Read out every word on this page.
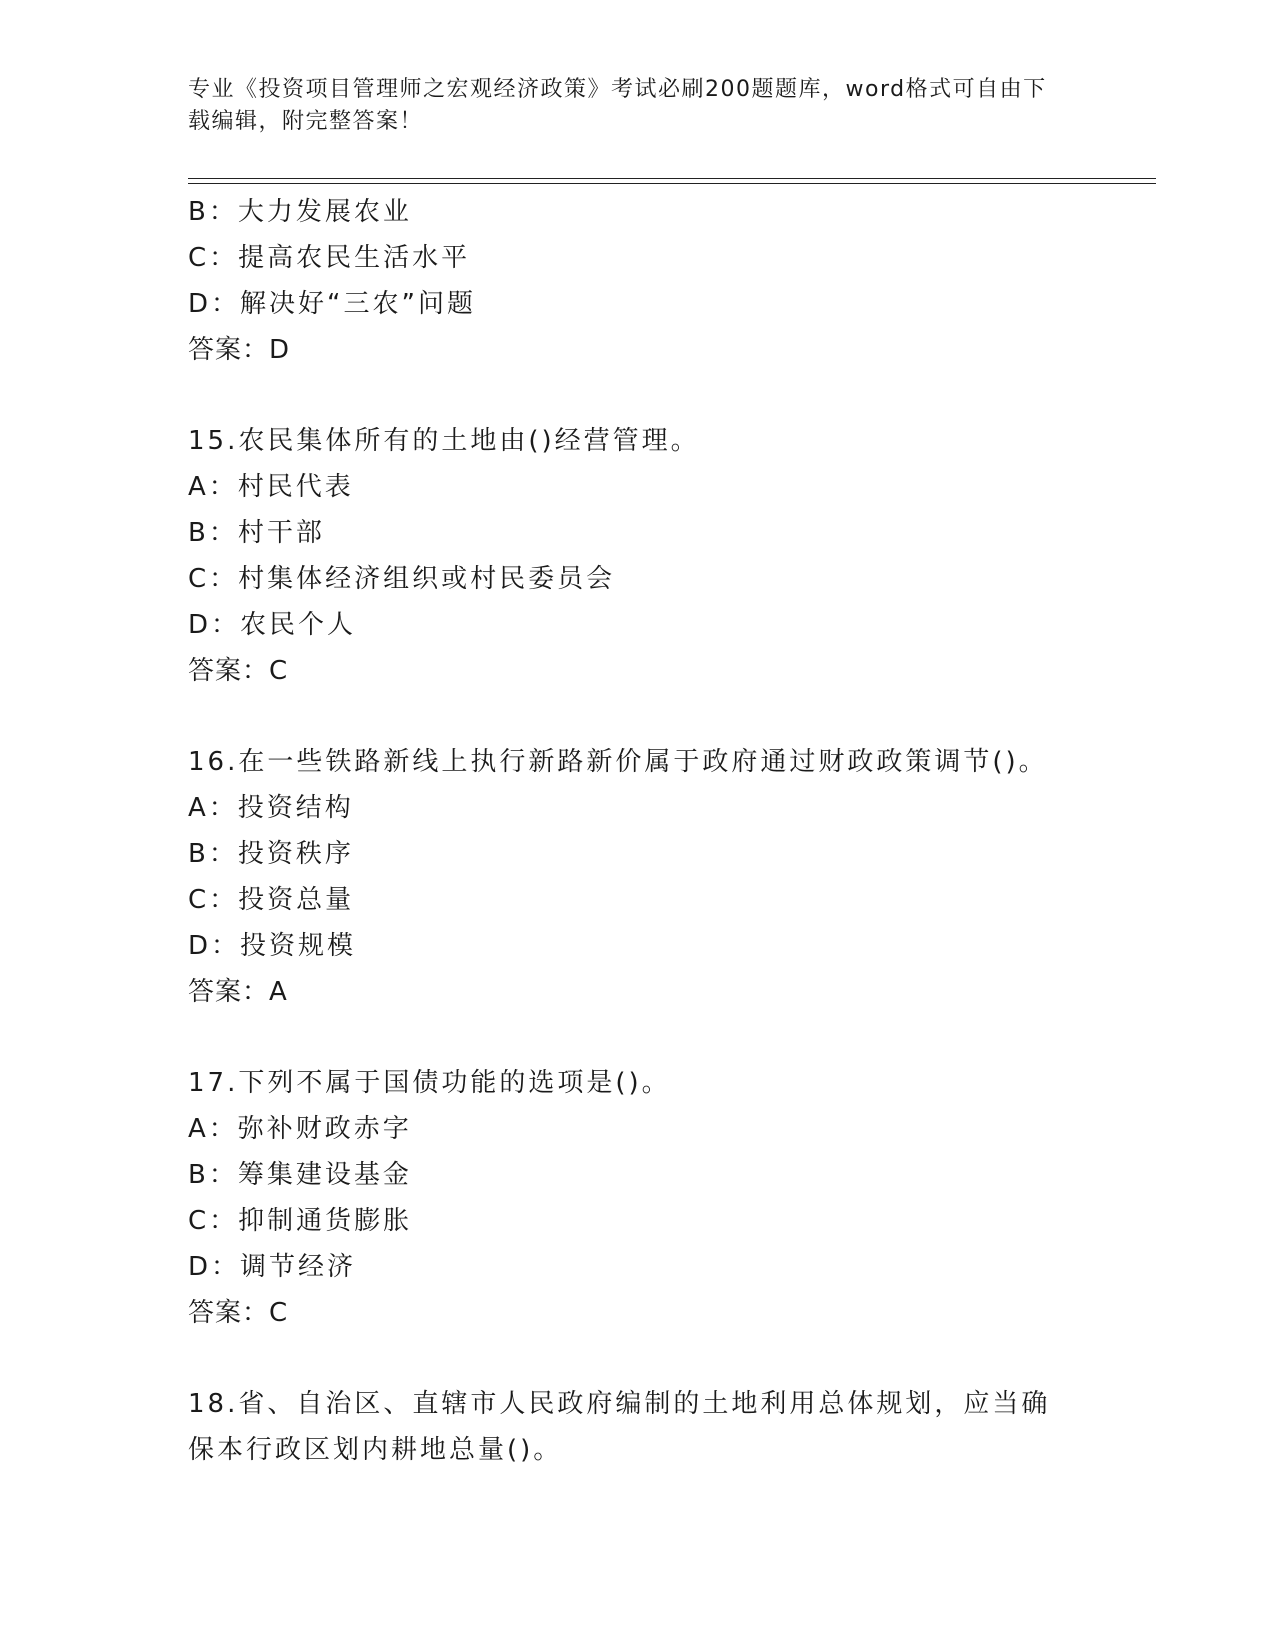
专业《投资项目管理师之宏观经济政策》考试必刷200题题库，word格式可自由下载编辑，附完整答案！
B：大力发展农业
C：提高农民生活水平
D：解决好“三农”问题
答案：D
15.农民集体所有的土地由()经营管理。
A：村民代表
B：村干部
C：村集体经济组织或村民委员会
D：农民个人
答案：C
16.在一些铁路新线上执行新路新价属于政府通过财政政策调节()。
A：投资结构
B：投资秩序
C：投资总量
D：投资规模
答案：A
17.下列不属于国债功能的选项是()。
A：弥补财政赤字
B：筹集建设基金
C：抑制通货膨胀
D：调节经济
答案：C
18.省、自治区、直辖市人民政府编制的土地利用总体规划，应当确保本行政区划内耕地总量()。
